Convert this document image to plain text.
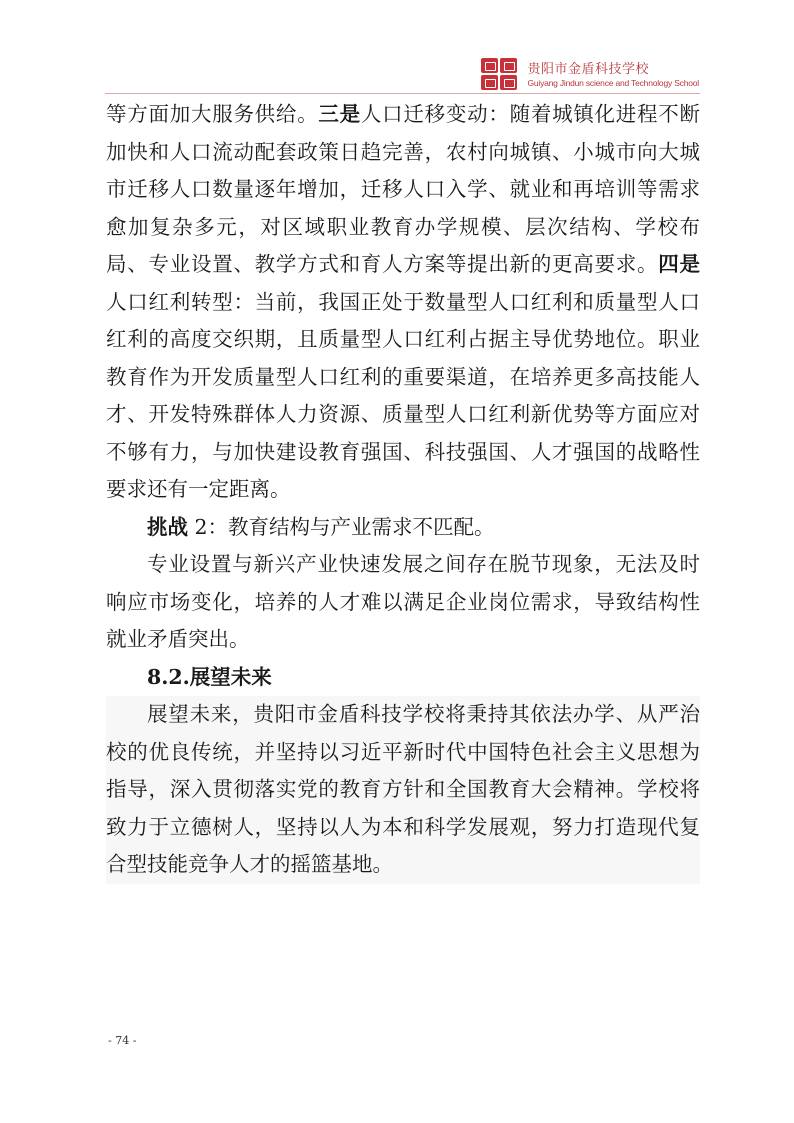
贵阳市金盾科技学校
Guiyang Jindun science and Technology School

等方面加大服务供给。三是人口迁移变动：随着城镇化进程不断加快和人口流动配套政策日趋完善，农村向城镇、小城市向大城市迁移人口数量逐年增加，迁移人口入学、就业和再培训等需求愈加复杂多元，对区域职业教育办学规模、层次结构、学校布局、专业设置、教学方式和育人方案等提出新的更高要求。四是人口红利转型：当前，我国正处于数量型人口红利和质量型人口红利的高度交织期，且质量型人口红利占据主导优势地位。职业教育作为开发质量型人口红利的重要渠道，在培养更多高技能人才、开发特殊群体人力资源、质量型人口红利新优势等方面应对不够有力，与加快建设教育强国、科技强国、人才强国的战略性要求还有一定距离。

挑战 2：教育结构与产业需求不匹配。

专业设置与新兴产业快速发展之间存在脱节现象，无法及时响应市场变化，培养的人才难以满足企业岗位需求，导致结构性就业矛盾突出。

8.2.展望未来

展望未来，贵阳市金盾科技学校将秉持其依法办学、从严治校的优良传统，并坚持以习近平新时代中国特色社会主义思想为指导，深入贯彻落实党的教育方针和全国教育大会精神。学校将致力于立德树人，坚持以人为本和科学发展观，努力打造现代复合型技能竞争人才的摇篮基地。

- 74 -
